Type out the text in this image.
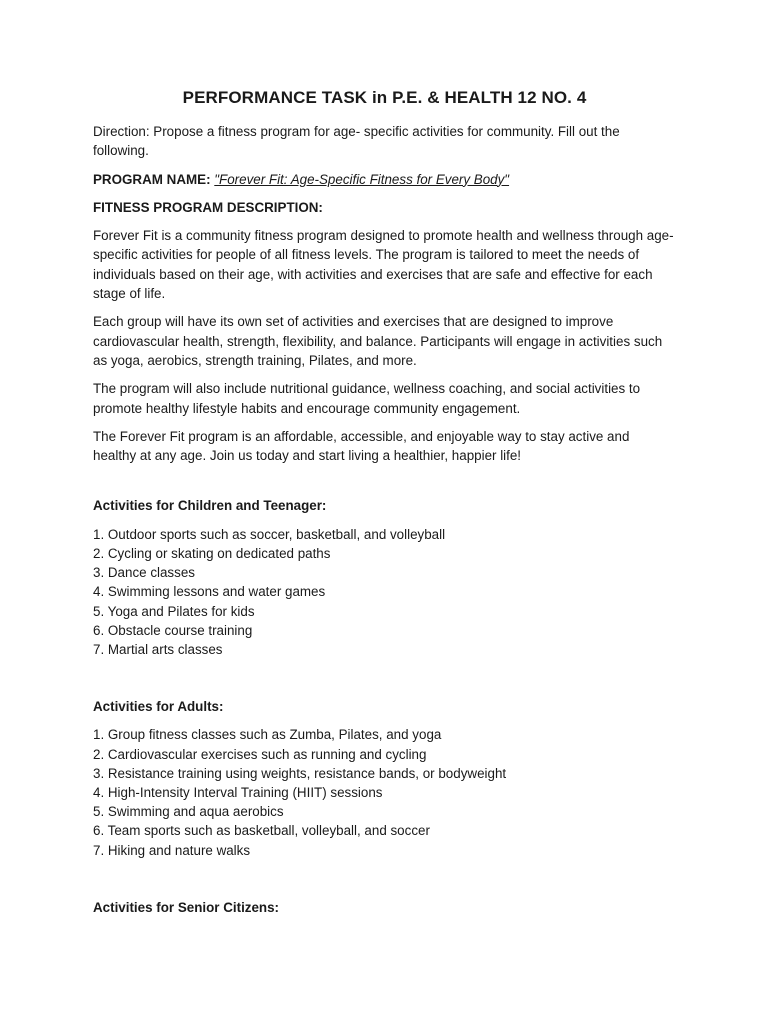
PERFORMANCE TASK in P.E. & HEALTH 12 NO. 4

Direction: Propose a fitness program for age- specific activities for community. Fill out the following.

PROGRAM NAME: "Forever Fit: Age-Specific Fitness for Every Body"

FITNESS PROGRAM DESCRIPTION:

Forever Fit is a community fitness program designed to promote health and wellness through age-specific activities for people of all fitness levels. The program is tailored to meet the needs of individuals based on their age, with activities and exercises that are safe and effective for each stage of life.

Each group will have its own set of activities and exercises that are designed to improve cardiovascular health, strength, flexibility, and balance. Participants will engage in activities such as yoga, aerobics, strength training, Pilates, and more.

The program will also include nutritional guidance, wellness coaching, and social activities to promote healthy lifestyle habits and encourage community engagement.

The Forever Fit program is an affordable, accessible, and enjoyable way to stay active and healthy at any age. Join us today and start living a healthier, happier life!

Activities for Children and Teenager:

1. Outdoor sports such as soccer, basketball, and volleyball
2. Cycling or skating on dedicated paths
3. Dance classes
4. Swimming lessons and water games
5. Yoga and Pilates for kids
6. Obstacle course training
7. Martial arts classes

Activities for Adults:

1. Group fitness classes such as Zumba, Pilates, and yoga
2. Cardiovascular exercises such as running and cycling
3. Resistance training using weights, resistance bands, or bodyweight
4. High-Intensity Interval Training (HIIT) sessions
5. Swimming and aqua aerobics
6. Team sports such as basketball, volleyball, and soccer
7. Hiking and nature walks

Activities for Senior Citizens:
